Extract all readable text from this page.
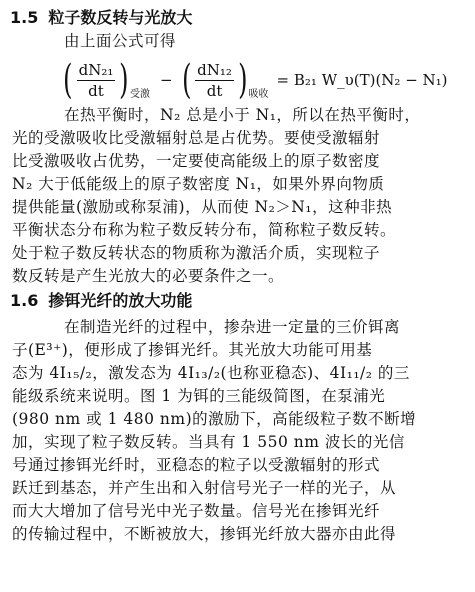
1.5 粒子数反转与光放大
由上面公式可得
( $\frac{\text{dN₂₁}}{dt}$ ) 受激
− ( $\frac{\text{dN₁₂}}{dt}$ ) 吸收
= B₂₁ W_υ(T)(N₂ − N₁)
在热平衡时，N₂ 总是小于 N₁，所以在热平衡时，
光的受激吸收比受激辐射总是占优势。要使受激辐射
比受激吸收占优势，一定要使高能级上的原子数密度
N₂ 大于低能级上的原子数密度 N₁，如果外界向物质
提供能量(激励或称泵浦)，从而使 N₂＞N₁，这种非热
平衡状态分布称为粒子数反转分布，简称粒子数反转。
处于粒子数反转状态的物质称为激活介质，实现粒子
数反转是产生光放大的必要条件之一。
1.6 掺铒光纤的放大功能
在制造光纤的过程中，掺杂进一定量的三价铒离
子(E³⁺)，便形成了掺铒光纤。其光放大功能可用基
态为 4I₁₅/₂，激发态为 4I₁₃/₂(也称亚稳态)、4I₁₁/₂ 的三
能级系统来说明。图 1 为铒的三能级简图，在泵浦光
(980 nm 或 1 480 nm)的激励下，高能级粒子数不断增
加，实现了粒子数反转。当具有 1 550 nm 波长的光信
号通过掺铒光纤时，亚稳态的粒子以受激辐射的形式
跃迁到基态，并产生出和入射信号光子一样的光子，从
而大大增加了信号光中光子数量。信号光在掺铒光纤
的传输过程中，不断被放大，掺铒光纤放大器亦由此得
